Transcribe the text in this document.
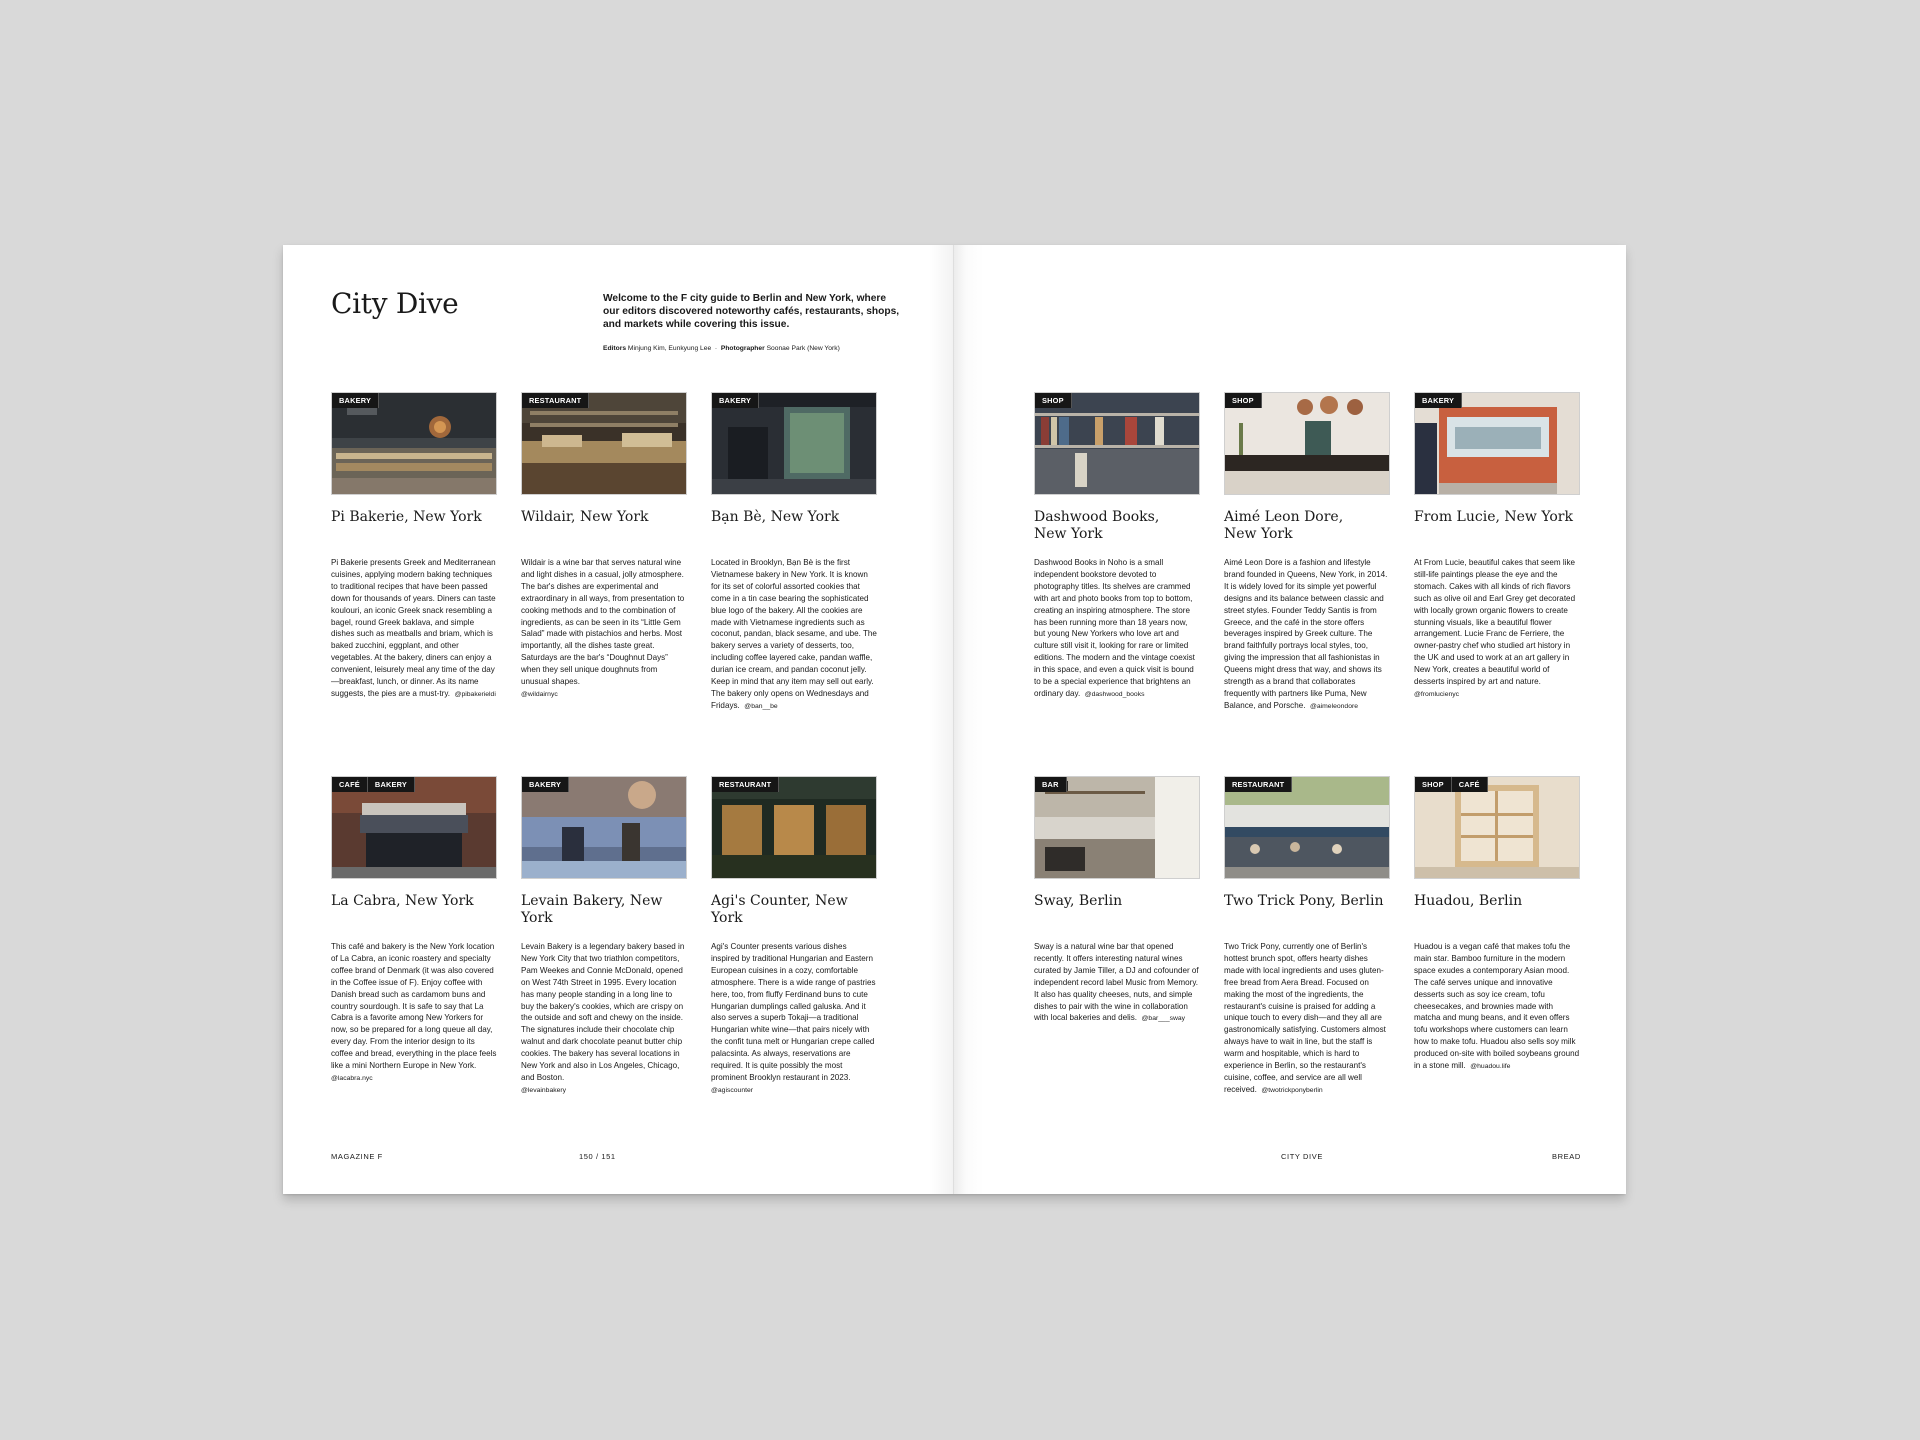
City Dive	Welcome to the F city guide to Berlin and New York, where our editors discovered noteworthy cafés, restaurants, shops, and markets while covering this issue.
Editors Minjung Kim, Eunkyung Lee  ·  Photographer Soonae Park (New York)
BAKERY
Pi Bakerie, New York

Pi Bakerie presents Greek and Mediterranean cuisines, applying modern baking techniques to traditional recipes that have been passed down for thousands of years. Diners can taste koulouri, an iconic Greek snack resembling a bagel, round Greek baklava, and simple dishes such as meatballs and briam, which is baked zucchini, eggplant, and other vegetables. At the bakery, diners can enjoy a convenient, leisurely meal any time of the day—breakfast, lunch, or dinner. As its name suggests, the pies are a must-try. @pibakerieldi

RESTAURANT
Wildair, New York

Wildair is a wine bar that serves natural wine and light dishes in a casual, jolly atmosphere. The bar's dishes are experimental and extraordinary in all ways, from presentation to cooking methods and to the combination of ingredients, as can be seen in its “Little Gem Salad” made with pistachios and herbs. Most importantly, all the dishes taste great. Saturdays are the bar's “Doughnut Days” when they sell unique doughnuts from unusual shapes.
@wildairnyc

BAKERY
Bạn Bè, New York

Located in Brooklyn, Bạn Bè is the first Vietnamese bakery in New York. It is known for its set of colorful assorted cookies that come in a tin case bearing the sophisticated blue logo of the bakery. All the cookies are made with Vietnamese ingredients such as coconut, pandan, black sesame, and ube. The bakery serves a variety of desserts, too, including coffee layered cake, pandan waffle, durian ice cream, and pandan coconut jelly. Keep in mind that any item may sell out early. The bakery only opens on Wednesdays and Fridays. @ban__be

CAFÉ	BAKERY
La Cabra, New York

This café and bakery is the New York location of La Cabra, an iconic roastery and specialty coffee brand of Denmark (it was also covered in the Coffee issue of F). Enjoy coffee with Danish bread such as cardamom buns and country sourdough. It is safe to say that La Cabra is a favorite among New Yorkers for now, so be prepared for a long queue all day, every day. From the interior design to its coffee and bread, everything in the place feels like a mini Northern Europe in New York.
@lacabra.nyc

BAKERY
Levain Bakery, New York

Levain Bakery is a legendary bakery based in New York City that two triathlon competitors, Pam Weekes and Connie McDonald, opened on West 74th Street in 1995. Every location has many people standing in a long line to buy the bakery's cookies, which are crispy on the outside and soft and chewy on the inside. The signatures include their chocolate chip walnut and dark chocolate peanut butter chip cookies. The bakery has several locations in New York and also in Los Angeles, Chicago, and Boston.
@levainbakery

RESTAURANT
Agi's Counter, New York

Agi's Counter presents various dishes inspired by traditional Hungarian and Eastern European cuisines in a cozy, comfortable atmosphere. There is a wide range of pastries here, too, from fluffy Ferdinand buns to cute Hungarian dumplings called galuska. And it also serves a superb Tokaji—a traditional Hungarian white wine—that pairs nicely with the confit tuna melt or Hungarian crepe called palacsinta. As always, reservations are required. It is quite possibly the most prominent Brooklyn restaurant in 2023.
@agiscounter

MAGAZINE F	150 / 151
SHOP
Dashwood Books,
New York

Dashwood Books in Noho is a small independent bookstore devoted to photography titles. Its shelves are crammed with art and photo books from top to bottom, creating an inspiring atmosphere. The store has been running more than 18 years now, but young New Yorkers who love art and culture still visit it, looking for rare or limited editions. The modern and the vintage coexist in this space, and even a quick visit is bound to be a special experience that brightens an ordinary day. @dashwood_books

SHOP
Aimé Leon Dore,
New York

Aimé Leon Dore is a fashion and lifestyle brand founded in Queens, New York, in 2014. It is widely loved for its simple yet powerful designs and its balance between classic and street styles. Founder Teddy Santis is from Greece, and the café in the store offers beverages inspired by Greek culture. The brand faithfully portrays local styles, too, giving the impression that all fashionistas in Queens might dress that way, and shows its strength as a brand that collaborates frequently with partners like Puma, New Balance, and Porsche. @aimeleondore

BAKERY
From Lucie, New York

At From Lucie, beautiful cakes that seem like still-life paintings please the eye and the stomach. Cakes with all kinds of rich flavors such as olive oil and Earl Grey get decorated with locally grown organic flowers to create stunning visuals, like a beautiful flower arrangement. Lucie Franc de Ferriere, the owner-pastry chef who studied art history in the UK and used to work at an art gallery in New York, creates a beautiful world of desserts inspired by art and nature.  @fromlucienyc

BAR
Sway, Berlin

Sway is a natural wine bar that opened recently. It offers interesting natural wines curated by Jamie Tiller, a DJ and cofounder of independent record label Music from Memory. It also has quality cheeses, nuts, and simple dishes to pair with the wine in collaboration with local bakeries and delis. @bar___sway

RESTAURANT
Two Trick Pony, Berlin

Two Trick Pony, currently one of Berlin's hottest brunch spot, offers hearty dishes made with local ingredients and uses gluten-free bread from Aera Bread. Focused on making the most of the ingredients, the restaurant's cuisine is praised for adding a unique touch to every dish—and they all are gastronomically satisfying. Customers almost always have to wait in line, but the staff is warm and hospitable, which is hard to experience in Berlin, so the restaurant's cuisine, coffee, and service are all well received. @twotrickponyberlin

SHOP	CAFÉ
Huadou, Berlin

Huadou is a vegan café that makes tofu the main star. Bamboo furniture in the modern space exudes a contemporary Asian mood. The café serves unique and innovative desserts such as soy ice cream, tofu cheesecakes, and brownies made with matcha and mung beans, and it even offers tofu workshops where customers can learn how to make tofu. Huadou also sells soy milk produced on-site with boiled soybeans ground in a stone mill. @huadou.life

CITY DIVE	BREAD
